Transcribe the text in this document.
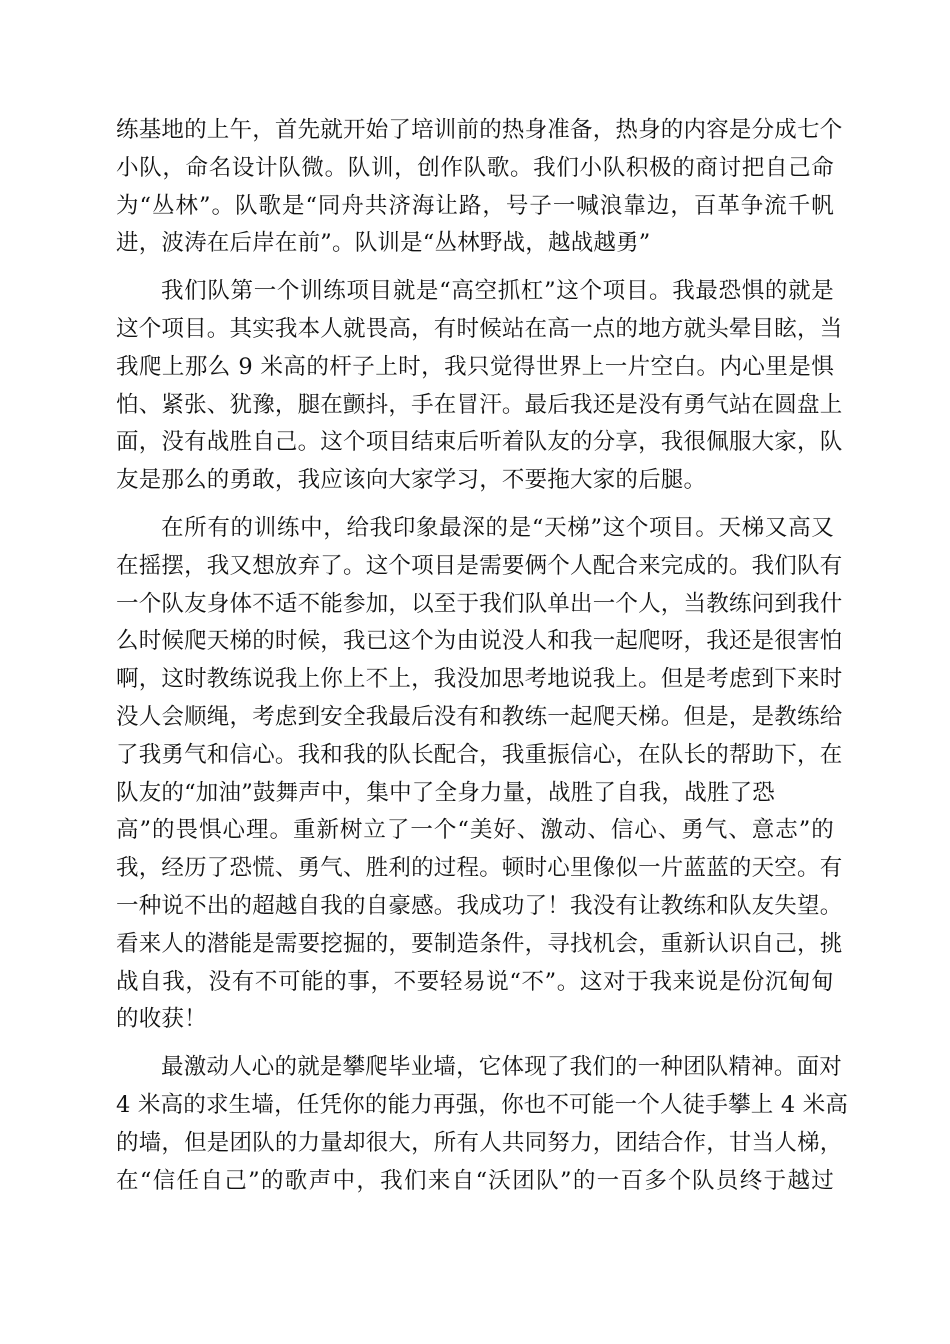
练基地的上午，首先就开始了培训前的热身准备，热身的内容是分成七个
小队，命名设计队微。队训，创作队歌。我们小队积极的商讨把自己命
为“丛林”。队歌是“同舟共济海让路，号子一喊浪靠边，百革争流千帆
进，波涛在后岸在前”。队训是“丛林野战，越战越勇”
我们队第一个训练项目就是“高空抓杠”这个项目。我最恐惧的就是
这个项目。其实我本人就畏高，有时候站在高一点的地方就头晕目眩，当
我爬上那么 9 米高的杆子上时，我只觉得世界上一片空白。内心里是惧
怕、紧张、犹豫，腿在颤抖，手在冒汗。最后我还是没有勇气站在圆盘上
面，没有战胜自己。这个项目结束后听着队友的分享，我很佩服大家，队
友是那么的勇敢，我应该向大家学习，不要拖大家的后腿。
在所有的训练中，给我印象最深的是“天梯”这个项目。天梯又高又
在摇摆，我又想放弃了。这个项目是需要俩个人配合来完成的。我们队有
一个队友身体不适不能参加，以至于我们队单出一个人，当教练问到我什
么时候爬天梯的时候，我已这个为由说没人和我一起爬呀，我还是很害怕
啊，这时教练说我上你上不上，我没加思考地说我上。但是考虑到下来时
没人会顺绳，考虑到安全我最后没有和教练一起爬天梯。但是，是教练给
了我勇气和信心。我和我的队长配合，我重振信心，在队长的帮助下，在
队友的“加油”鼓舞声中，集中了全身力量，战胜了自我，战胜了恐
高”的畏惧心理。重新树立了一个“美好、激动、信心、勇气、意志”的
我，经历了恐慌、勇气、胜利的过程。顿时心里像似一片蓝蓝的天空。有
一种说不出的超越自我的自豪感。我成功了！我没有让教练和队友失望。
看来人的潜能是需要挖掘的，要制造条件，寻找机会，重新认识自己，挑
战自我，没有不可能的事，不要轻易说“不”。这对于我来说是份沉甸甸
的收获！
最激动人心的就是攀爬毕业墙，它体现了我们的一种团队精神。面对
4 米高的求生墙，任凭你的能力再强，你也不可能一个人徒手攀上 4 米高
的墙，但是团队的力量却很大，所有人共同努力，团结合作，甘当人梯，
在“信任自己”的歌声中，我们来自“沃团队”的一百多个队员终于越过
